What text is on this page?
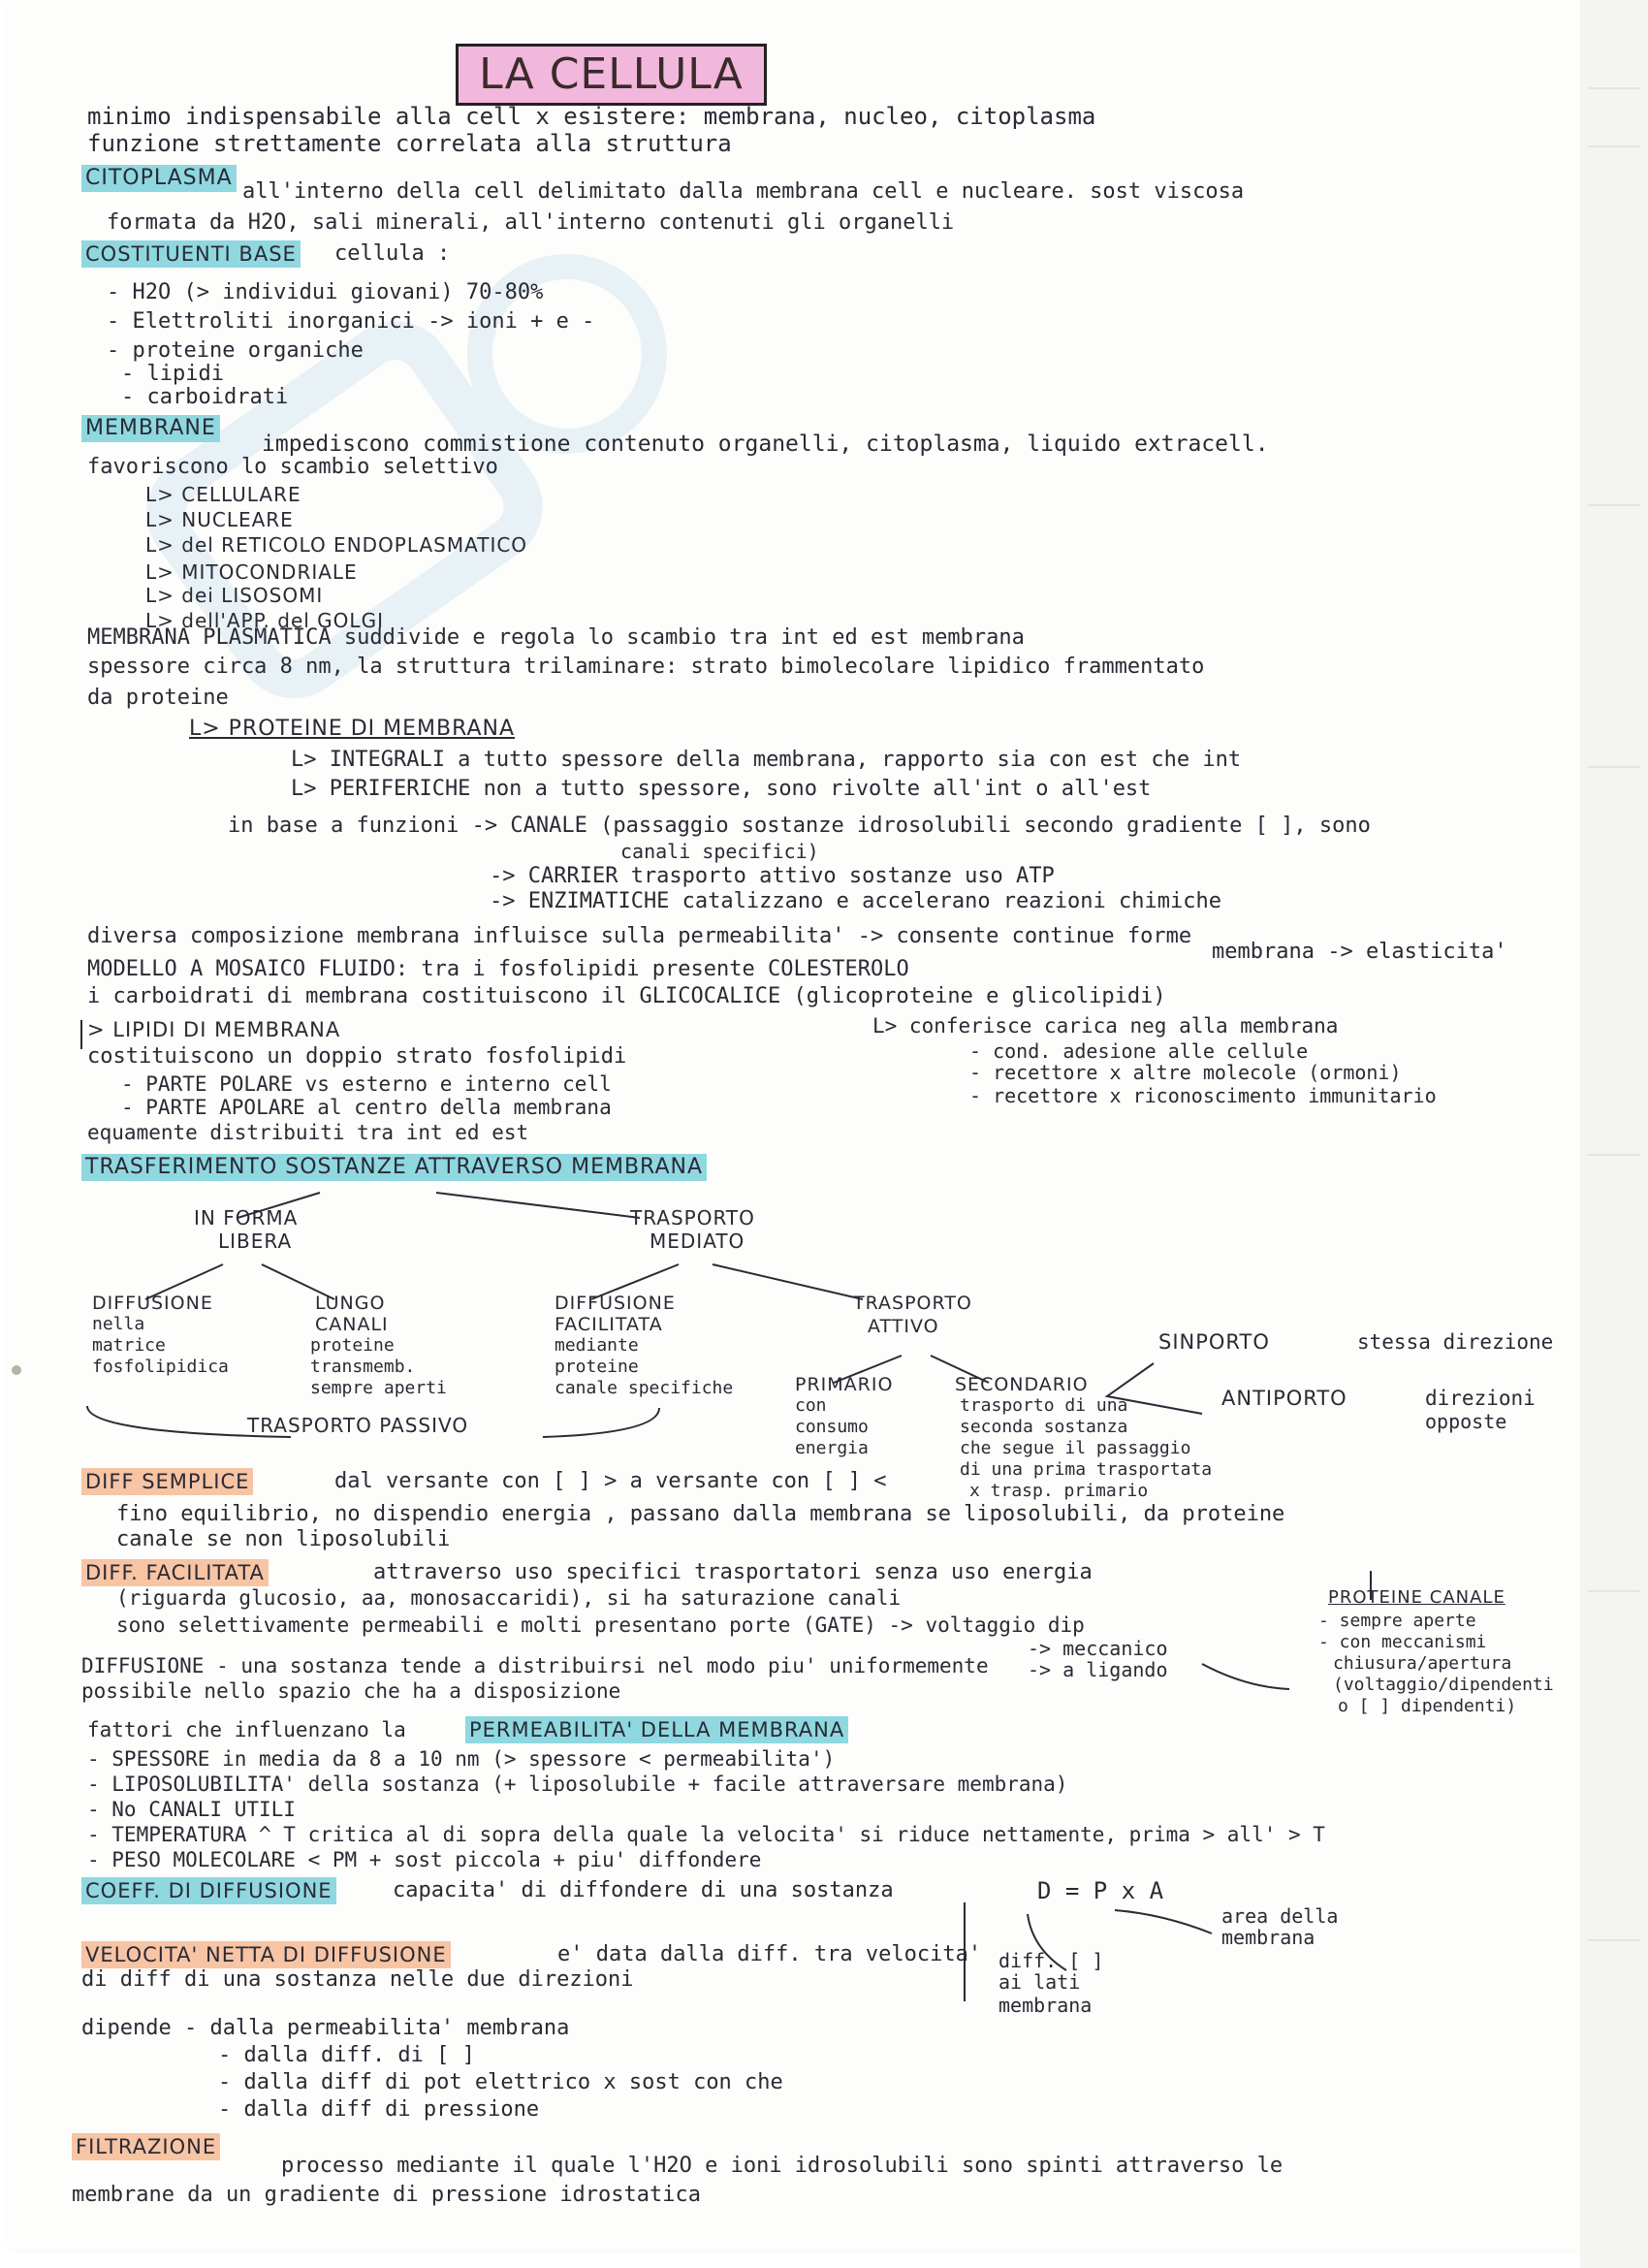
LA CELLULA
minimo indispensabile alla cell x esistere: membrana, nucleo, citoplasma
funzione strettamente correlata alla struttura
CITOPLASMA
all'interno della cell delimitato dalla membrana cell e nucleare. sost viscosa
formata da H2O, sali minerali, all'interno contenuti gli organelli
COSTITUENTI BASE cellula :
- H2O (> individui giovani) 70-80%
- Elettroliti inorganici -> ioni + e -
- proteine organiche
- lipidi
- carboidrati
MEMBRANE
impediscono commistione contenuto organelli, citoplasma, liquido extracell.
favoriscono lo scambio selettivo
L> CELLULARE
L> NUCLEARE
L> del RETICOLO ENDOPLASMATICO
L> MITOCONDRIALE
L> dei LISOSOMI
L> dell'APP. del GOLGI
MEMBRANA PLASMATICA suddivide e regola lo scambio tra int ed est membrana
spessore circa 8 nm, la struttura trilaminare: strato bimolecolare lipidico frammentato
da proteine
L> PROTEINE DI MEMBRANA
L> INTEGRALI a tutto spessore della membrana, rapporto sia con est che int
L> PERIFERICHE non a tutto spessore, sono rivolte all'int o all'est
in base a funzioni -> CANALE (passaggio sostanze idrosolubili secondo gradiente [ ], sono
canali specifici)
-> CARRIER trasporto attivo sostanze uso ATP
-> ENZIMATICHE catalizzano e accelerano reazioni chimiche
diversa composizione membrana influisce sulla permeabilita' -> consente continue forme
membrana -> elasticita'
MODELLO A MOSAICO FLUIDO: tra i fosfolipidi presente COLESTEROLO
i carboidrati di membrana costituiscono il GLICOCALICE (glicoproteine e glicolipidi)
L> conferisce carica neg alla membrana
> LIPIDI DI MEMBRANA
- cond. adesione alle cellule
costituiscono un doppio strato fosfolipidi
- recettore x altre molecole (ormoni)
- PARTE POLARE vs esterno e interno cell	- recettore x riconoscimento immunitario
- PARTE APOLARE al centro della membrana
equamente distribuiti tra int ed est
TRASFERIMENTO SOSTANZE ATTRAVERSO MEMBRANA
IN FORMA
LIBERA
TRASPORTO
MEDIATO
DIFFUSIONE
nella
matrice
fosfolipidica
LUNGO
CANALI
proteine
transmemb.
sempre aperti
DIFFUSIONE
FACILITATA
mediante
proteine
canale specifiche
TRASPORTO
ATTIVO
SINPORTO	stessa direzione
PRIMARIO
con
consumo
energia
SECONDARIO
trasporto di una
seconda sostanza
che segue il passaggio
di una prima trasportata
x trasp. primario
ANTIPORTO	direzioni
opposte
TRASPORTO PASSIVO
DIFF SEMPLICE	dal versante con [ ] > a versante con [ ] <
fino equilibrio, no dispendio energia , passano dalla membrana se liposolubili, da proteine
canale se non liposolubili
DIFF. FACILITATA	attraverso uso specifici trasportatori senza uso energia
(riguarda glucosio, aa, monosaccaridi), si ha saturazione canali
sono selettivamente permeabili e molti presentano porte (GATE) -> voltaggio dip
-> meccanico
-> a ligando
DIFFUSIONE - una sostanza tende a distribuirsi nel modo piu' uniformemente
possibile nello spazio che ha a disposizione
PROTEINE CANALE
- sempre aperte
- con meccanismi
chiusura/apertura
(voltaggio/dipendenti
o [ ] dipendenti)
fattori che influenzano la	PERMEABILITA' DELLA MEMBRANA
- SPESSORE in media da 8 a 10 nm (> spessore < permeabilita')
- LIPOSOLUBILITA' della sostanza (+ liposolubile + facile attraversare membrana)
- No CANALI UTILI
- TEMPERATURA ^ T critica al di sopra della quale la velocita' si riduce nettamente, prima > all' > T
- PESO MOLECOLARE < PM + sost piccola + piu' diffondere
COEFF. DI DIFFUSIONE	capacita' di diffondere di una sostanza	D = P x A
area della
membrana
VELOCITA' NETTA DI DIFFUSIONE	e' data dalla diff. tra velocita' diff. [ ]
ai lati
membrana
di diff di una sostanza nelle due direzioni
dipende - dalla permeabilita' membrana
- dalla diff. di [ ]
- dalla diff di pot elettrico x sost con che
- dalla diff di pressione
FILTRAZIONE
processo mediante il quale l'H2O e ioni idrosolubili sono spinti attraverso le
membrane da un gradiente di pressione idrostatica
